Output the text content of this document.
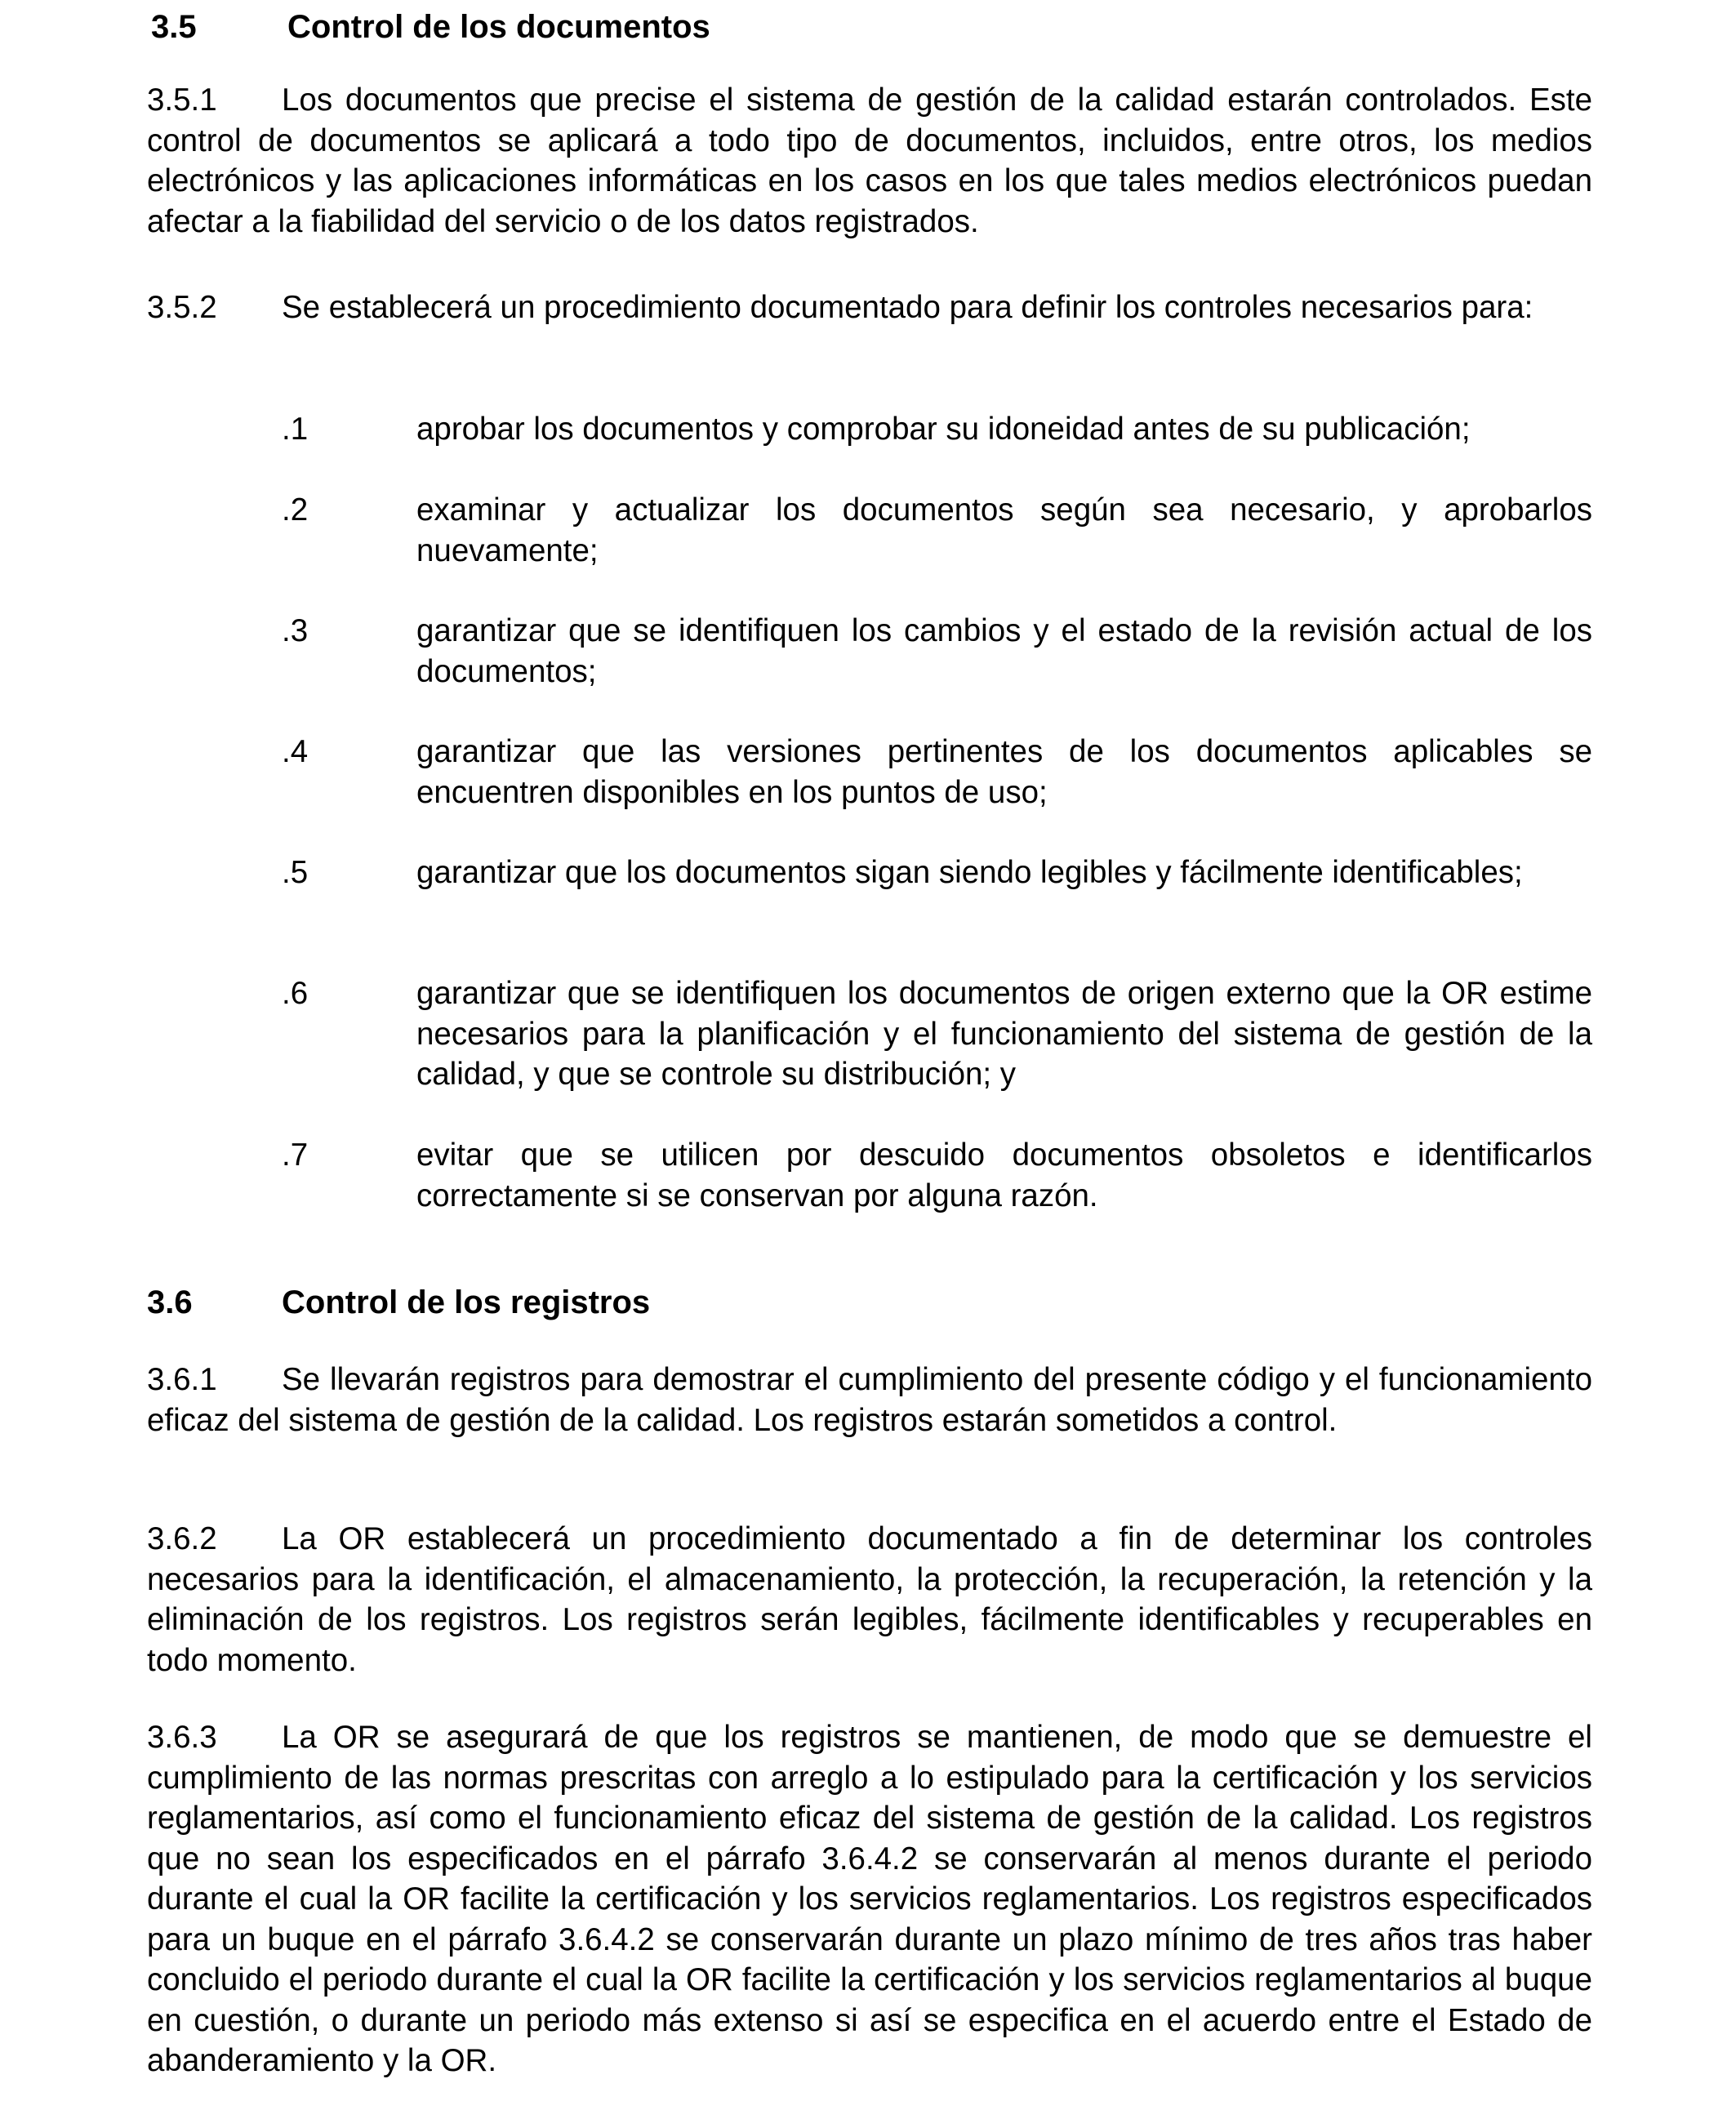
3.5	Control de los documentos
3.5.1 Los documentos que precise el sistema de gestión de la calidad estarán controlados. Este control de documentos se aplicará a todo tipo de documentos, incluidos, entre otros, los medios electrónicos y las aplicaciones informáticas en los casos en los que tales medios electrónicos puedan afectar a la fiabilidad del servicio o de los datos registrados.
3.5.2 Se establecerá un procedimiento documentado para definir los controles necesarios para:
.1	aprobar los documentos y comprobar su idoneidad antes de su publicación;
.2	examinar y actualizar los documentos según sea necesario, y aprobarlos nuevamente;
.3	garantizar que se identifiquen los cambios y el estado de la revisión actual de los documentos;
.4	garantizar que las versiones pertinentes de los documentos aplicables se encuentren disponibles en los puntos de uso;
.5	garantizar que los documentos sigan siendo legibles y fácilmente identificables;
.6	garantizar que se identifiquen los documentos de origen externo que la OR estime necesarios para la planificación y el funcionamiento del sistema de gestión de la calidad, y que se controle su distribución; y
.7	evitar que se utilicen por descuido documentos obsoletos e identificarlos correctamente si se conservan por alguna razón.
3.6	Control de los registros
3.6.1 Se llevarán registros para demostrar el cumplimiento del presente código y el funcionamiento eficaz del sistema de gestión de la calidad. Los registros estarán sometidos a control.
3.6.2 La OR establecerá un procedimiento documentado a fin de determinar los controles necesarios para la identificación, el almacenamiento, la protección, la recuperación, la retención y la eliminación de los registros. Los registros serán legibles, fácilmente identificables y recuperables en todo momento.
3.6.3 La OR se asegurará de que los registros se mantienen, de modo que se demuestre el cumplimiento de las normas prescritas con arreglo a lo estipulado para la certificación y los servicios reglamentarios, así como el funcionamiento eficaz del sistema de gestión de la calidad. Los registros que no sean los especificados en el párrafo 3.6.4.2 se conservarán al menos durante el periodo durante el cual la OR facilite la certificación y los servicios reglamentarios. Los registros especificados para un buque en el párrafo 3.6.4.2 se conservarán durante un plazo mínimo de tres años tras haber concluido el periodo durante el cual la OR facilite la certificación y los servicios reglamentarios al buque en cuestión, o durante un periodo más extenso si así se especifica en el acuerdo entre el Estado de abanderamiento y la OR.
